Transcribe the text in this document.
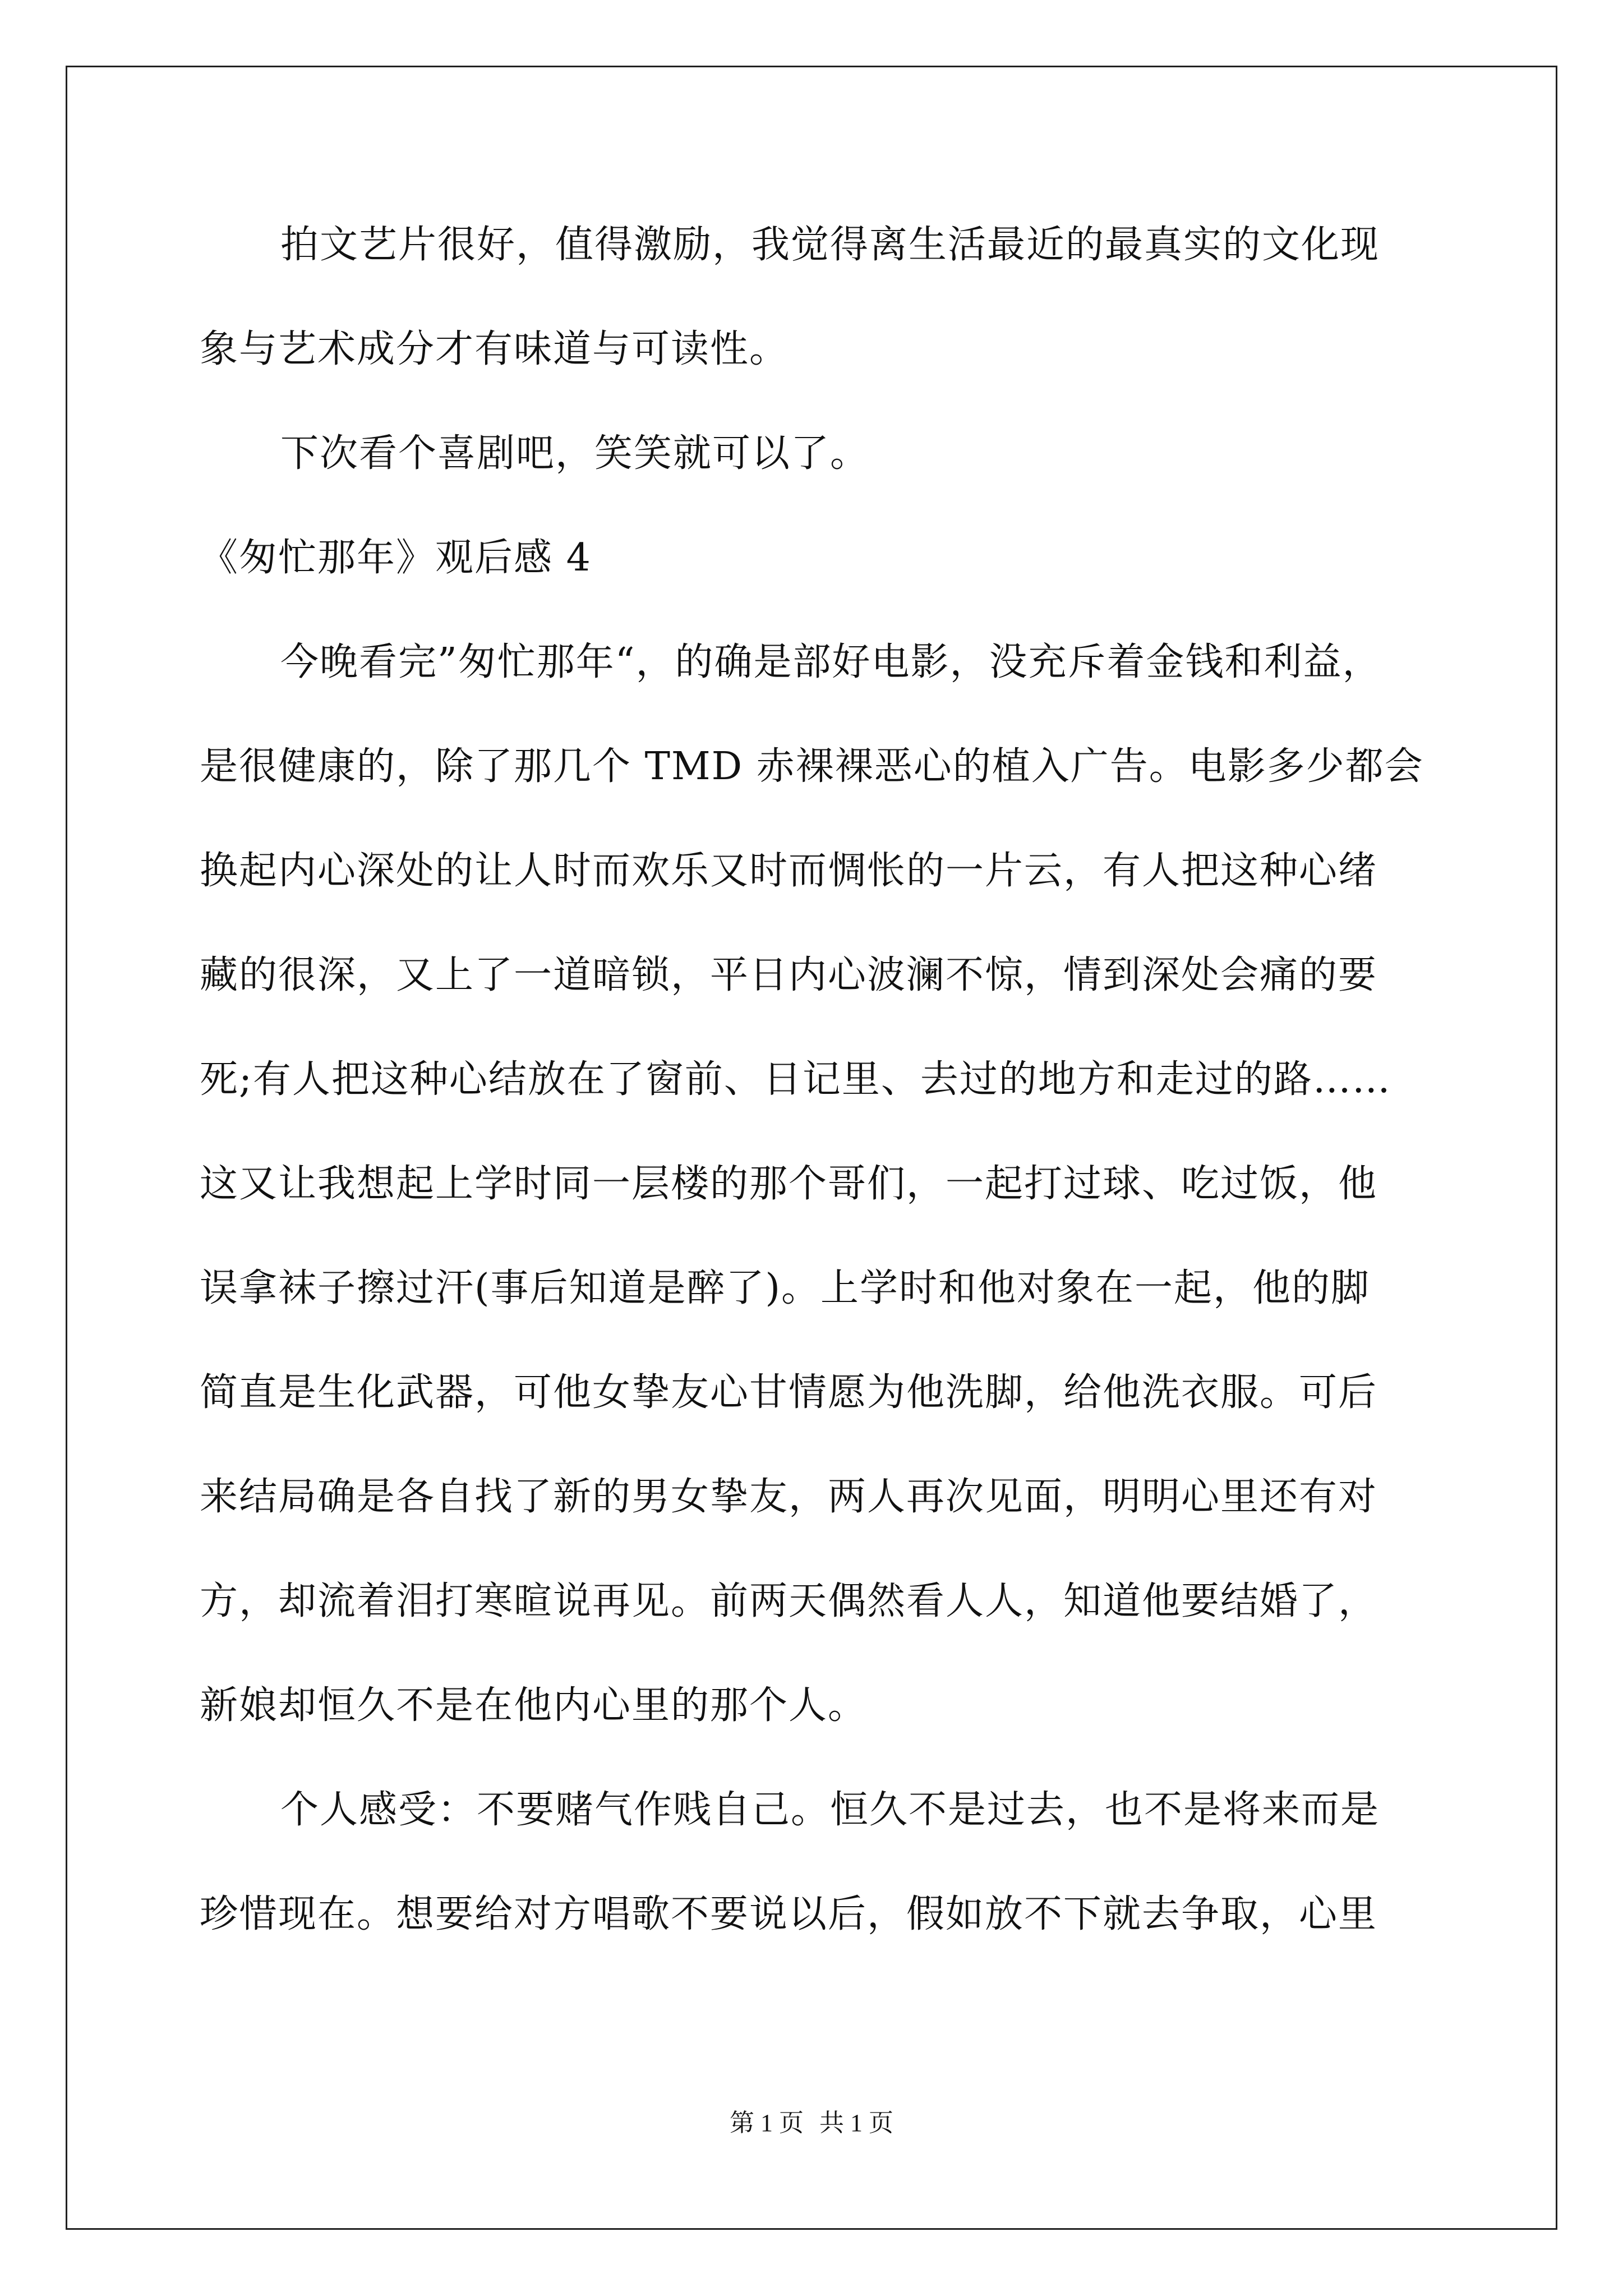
拍文艺片很好，值得激励，我觉得离生活最近的最真实的文化现
象与艺术成分才有味道与可读性。
下次看个喜剧吧，笑笑就可以了。
《匆忙那年》观后感 4
今晚看完”匆忙那年“，的确是部好电影，没充斥着金钱和利益，
是很健康的，除了那几个 TMD 赤裸裸恶心的植入广告。电影多少都会
换起内心深处的让人时而欢乐又时而惆怅的一片云，有人把这种心绪
藏的很深，又上了一道暗锁，平日内心波澜不惊，情到深处会痛的要
死;有人把这种心结放在了窗前、日记里、去过的地方和走过的路……
这又让我想起上学时同一层楼的那个哥们，一起打过球、吃过饭，他
误拿袜子擦过汗(事后知道是醉了)。上学时和他对象在一起，他的脚
简直是生化武器，可他女挚友心甘情愿为他洗脚，给他洗衣服。可后
来结局确是各自找了新的男女挚友，两人再次见面，明明心里还有对
方，却流着泪打寒暄说再见。前两天偶然看人人，知道他要结婚了，
新娘却恒久不是在他内心里的那个人。
个人感受：不要赌气作贱自己。恒久不是过去，也不是将来而是
珍惜现在。想要给对方唱歌不要说以后，假如放不下就去争取，心里
第 1 页 共 1 页
